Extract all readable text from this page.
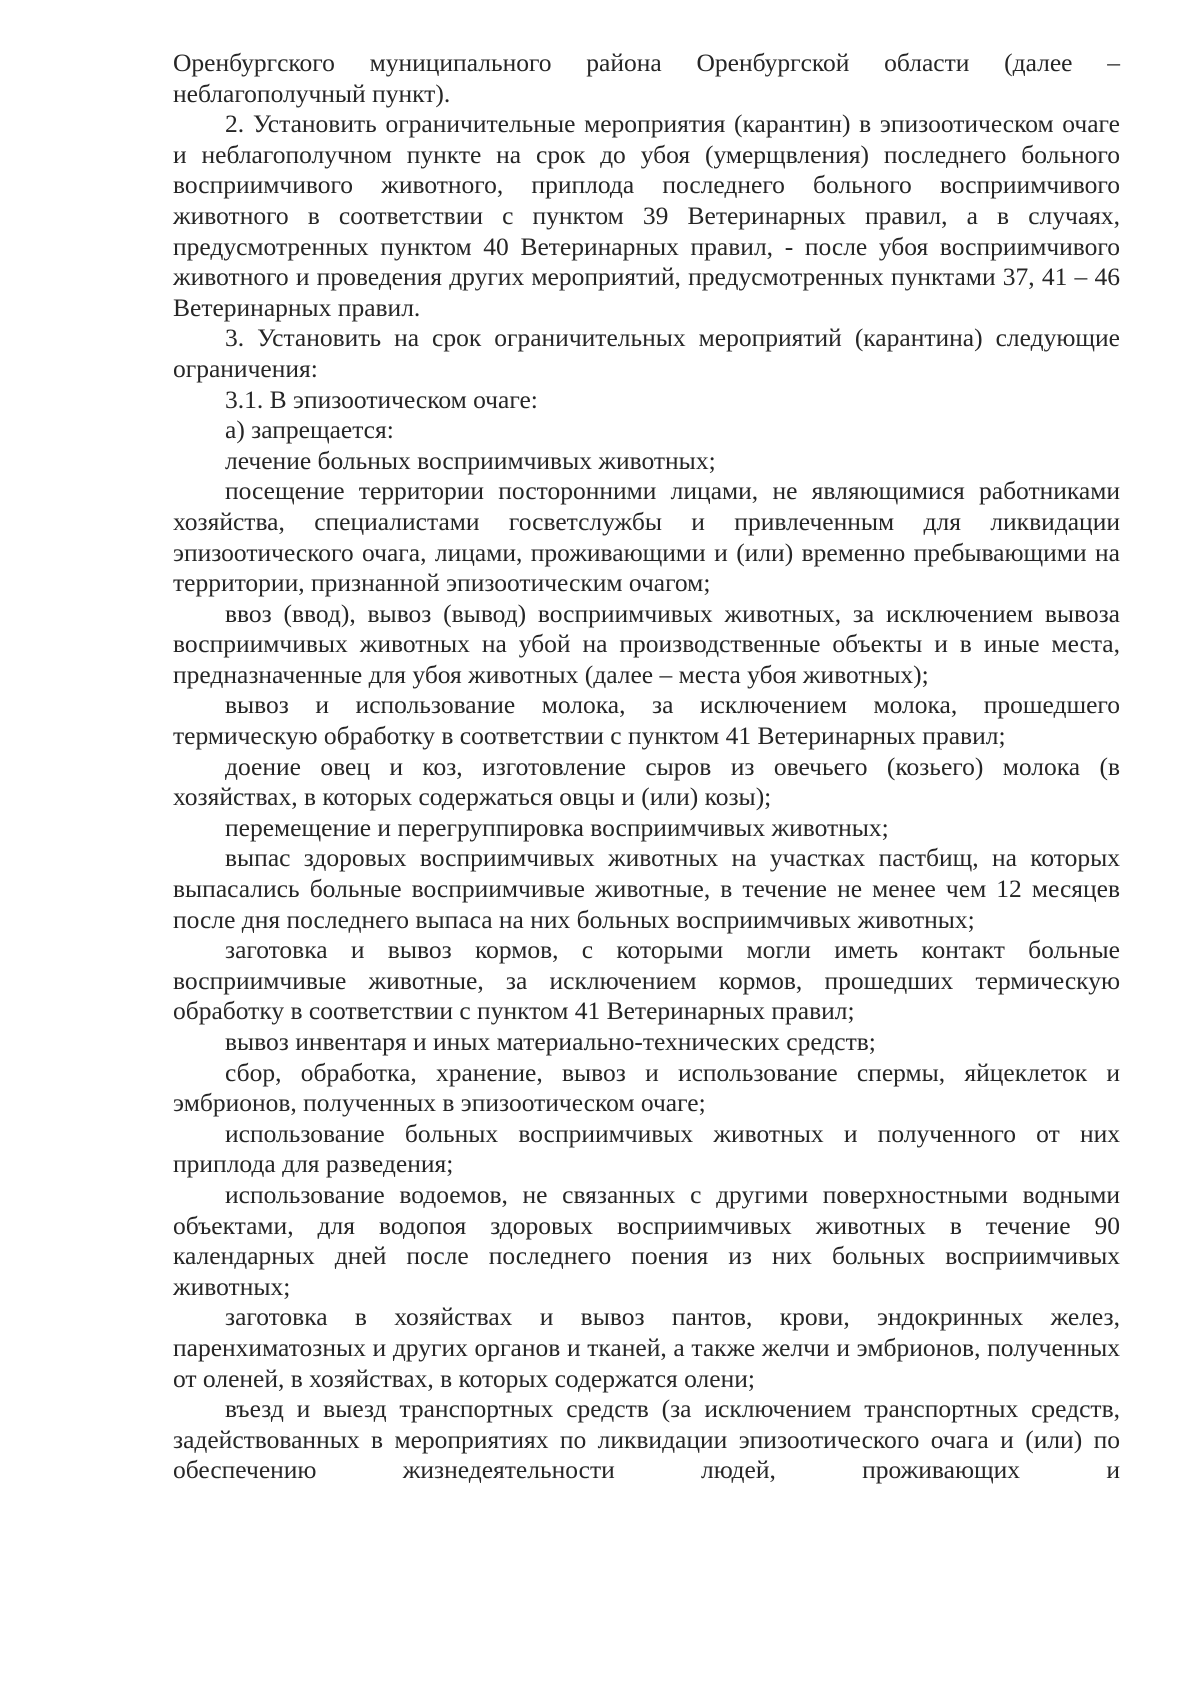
Оренбургского муниципального района Оренбургской области (далее – неблагополучный пункт).

2. Установить ограничительные мероприятия (карантин) в эпизоотическом очаге и неблагополучном пункте на срок до убоя (умерщвления) последнего больного восприимчивого животного, приплода последнего больного восприимчивого животного в соответствии с пунктом 39 Ветеринарных правил, а в случаях, предусмотренных пунктом 40 Ветеринарных правил, - после убоя восприимчивого животного и проведения других мероприятий, предусмотренных пунктами 37, 41 – 46 Ветеринарных правил.

3. Установить на срок ограничительных мероприятий (карантина) следующие ограничения:

3.1. В эпизоотическом очаге:

а) запрещается:

лечение больных восприимчивых животных;

посещение территории посторонними лицами, не являющимися работниками хозяйства, специалистами госветслужбы и привлеченным для ликвидации эпизоотического очага, лицами, проживающими и (или) временно пребывающими на территории, признанной эпизоотическим очагом;

ввоз (ввод), вывоз (вывод) восприимчивых животных, за исключением вывоза восприимчивых животных на убой на производственные объекты и в иные места, предназначенные для убоя животных (далее – места убоя животных);

вывоз и использование молока, за исключением молока, прошедшего термическую обработку в соответствии с пунктом 41 Ветеринарных правил;

доение овец и коз, изготовление сыров из овечьего (козьего) молока (в хозяйствах, в которых содержаться овцы и (или) козы);

перемещение и перегруппировка восприимчивых животных;

выпас здоровых восприимчивых животных на участках пастбищ, на которых выпасались больные восприимчивые животные, в течение не менее чем 12 месяцев после дня последнего выпаса на них больных восприимчивых животных;

заготовка и вывоз кормов, с которыми могли иметь контакт больные восприимчивые животные, за исключением кормов, прошедших термическую обработку в соответствии с пунктом 41 Ветеринарных правил;

вывоз инвентаря и иных материально-технических средств;

сбор, обработка, хранение, вывоз и использование спермы, яйцеклеток и эмбрионов, полученных в эпизоотическом очаге;

использование больных восприимчивых животных и полученного от них приплода для разведения;

использование водоемов, не связанных с другими поверхностными водными объектами, для водопоя здоровых восприимчивых животных в течение 90 календарных дней после последнего поения из них больных восприимчивых животных;

заготовка в хозяйствах и вывоз пантов, крови, эндокринных желез, паренхиматозных и других органов и тканей, а также желчи и эмбрионов, полученных от оленей, в хозяйствах, в которых содержатся олени;

въезд и выезд транспортных средств (за исключением транспортных средств, задействованных в мероприятиях по ликвидации эпизоотического очага и (или) по обеспечению жизнедеятельности людей, проживающих и
